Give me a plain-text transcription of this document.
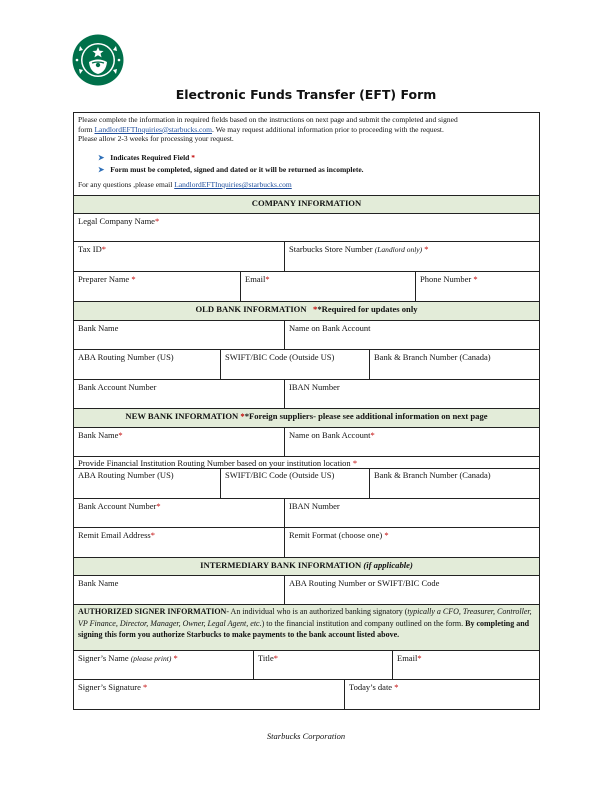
Electronic Funds Transfer (EFT) Form
Please complete the information in required fields based on the instructions on next page and submit the completed and signed
form LandlordEFTInquiries@starbucks.com. We may request additional information prior to proceeding with the request.
Please allow 2-3 weeks for processing your request.
➤ Indicates Required Field *
➤ Form must be completed, signed and dated or it will be returned as incomplete.
For any questions ,please email LandlordEFTInquiries@starbucks.com
COMPANY INFORMATION
Legal Company Name*
Tax ID*	Starbucks Store Number (Landlord only) *
Preparer Name *	Email*	Phone Number *
OLD BANK INFORMATION **Required for updates only
Bank Name	Name on Bank Account
ABA Routing Number (US)	SWIFT/BIC Code (Outside US)	Bank & Branch Number (Canada)
Bank Account Number	IBAN Number
NEW BANK INFORMATION **Foreign suppliers- please see additional information on next page
Bank Name*	Name on Bank Account*
Provide Financial Institution Routing Number based on your institution location *
ABA Routing Number (US)	SWIFT/BIC Code (Outside US)	Bank & Branch Number (Canada)
Bank Account Number*	IBAN Number
Remit Email Address*	Remit Format (choose one) *
INTERMEDIARY BANK INFORMATION (if applicable)
Bank Name	ABA Routing Number or SWIFT/BIC Code
AUTHORIZED SIGNER INFORMATION- An individual who is an authorized banking signatory (typically a CFO, Treasurer, Controller, VP Finance, Director, Manager, Owner, Legal Agent, etc.) to the financial institution and company outlined on the form. By completing and signing this form you authorize Starbucks to make payments to the bank account listed above.
Signer’s Name (please print) *	Title*	Email*
Signer’s Signature *	Today’s date *
Starbucks Corporation
